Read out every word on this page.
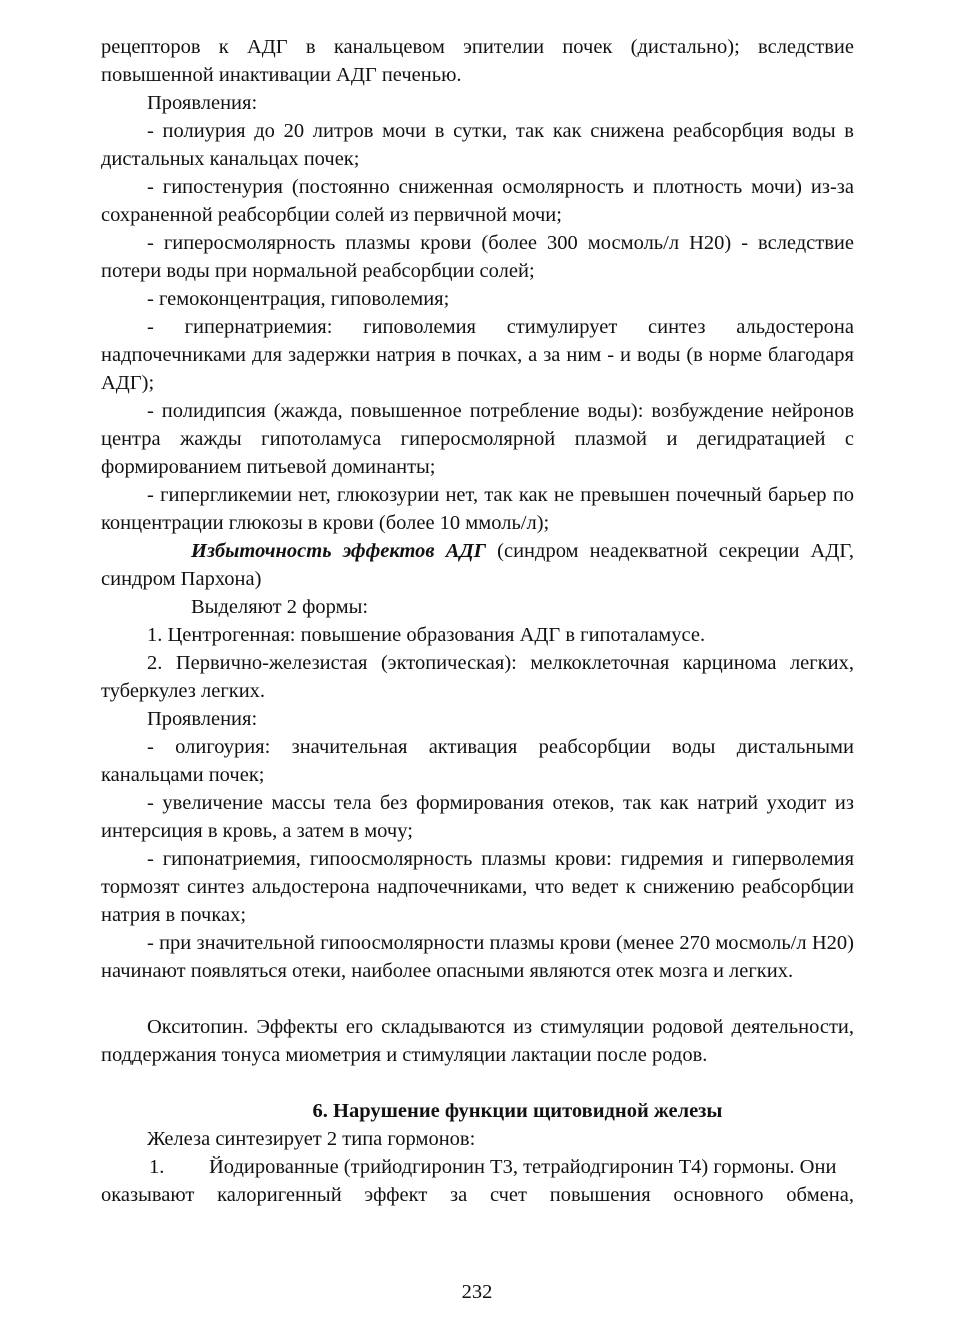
рецепторов к АДГ в канальцевом эпителии почек (дистально); вследствие повышенной инактивации АДГ печенью.

Проявления:

- полиурия до 20 литров мочи в сутки, так как снижена реабсорбция воды в дистальных канальцах почек;

- гипостенурия (постоянно сниженная осмолярность и плотность мочи) из-за сохраненной реабсорбции солей из первичной мочи;

- гиперосмолярность плазмы крови (более 300 мосмоль/л Н20) - вследствие потери воды при нормальной реабсорбции солей;

- гемоконцентрация, гиповолемия;

- гипернатриемия: гиповолемия стимулирует синтез альдостерона надпочечниками для задержки натрия в почках, а за ним - и воды (в норме благодаря АДГ);

- полидипсия (жажда, повышенное потребление воды): возбуждение нейронов центра жажды гипотоламуса гиперосмолярной плазмой и дегидратацией с формированием питьевой доминанты;

- гипергликемии нет, глюкозурии нет, так как не превышен почечный барьер по концентрации глюкозы в крови (более 10 ммоль/л);

Избыточность эффектов АДГ (синдром неадекватной секреции АДГ, синдром Пархона)

Выделяют 2 формы:

1. Центрогенная: повышение образования АДГ в гипоталамусе.

2. Первично-железистая (эктопическая): мелкоклеточная карцинома легких, туберкулез легких.

Проявления:

- олигоурия: значительная активация реабсорбции воды дистальными канальцами почек;

- увеличение массы тела без формирования отеков, так как натрий уходит из интерсиция в кровь, а затем в мочу;

- гипонатриемия, гипоосмолярность плазмы крови: гидремия и гиперволемия тормозят синтез альдостерона надпочечниками, что ведет к снижению реабсорбции натрия в почках;

- при значительной гипоосмолярности плазмы крови (менее 270 мосмоль/л Н20) начинают появляться отеки, наиболее опасными являются отек мозга и легких.

Окситопин. Эффекты его складываются из стимуляции родовой деятельности, поддержания тонуса миометрия и стимуляции лактации после родов.

6. Нарушение функции щитовидной железы

Железа синтезирует 2 типа гормонов:

1. Йодированные (трийодгиронин Т3, тетрайодгиронин Т4) гормоны. Они

оказывают калоригенный эффект за счет повышения основного обмена,

232
